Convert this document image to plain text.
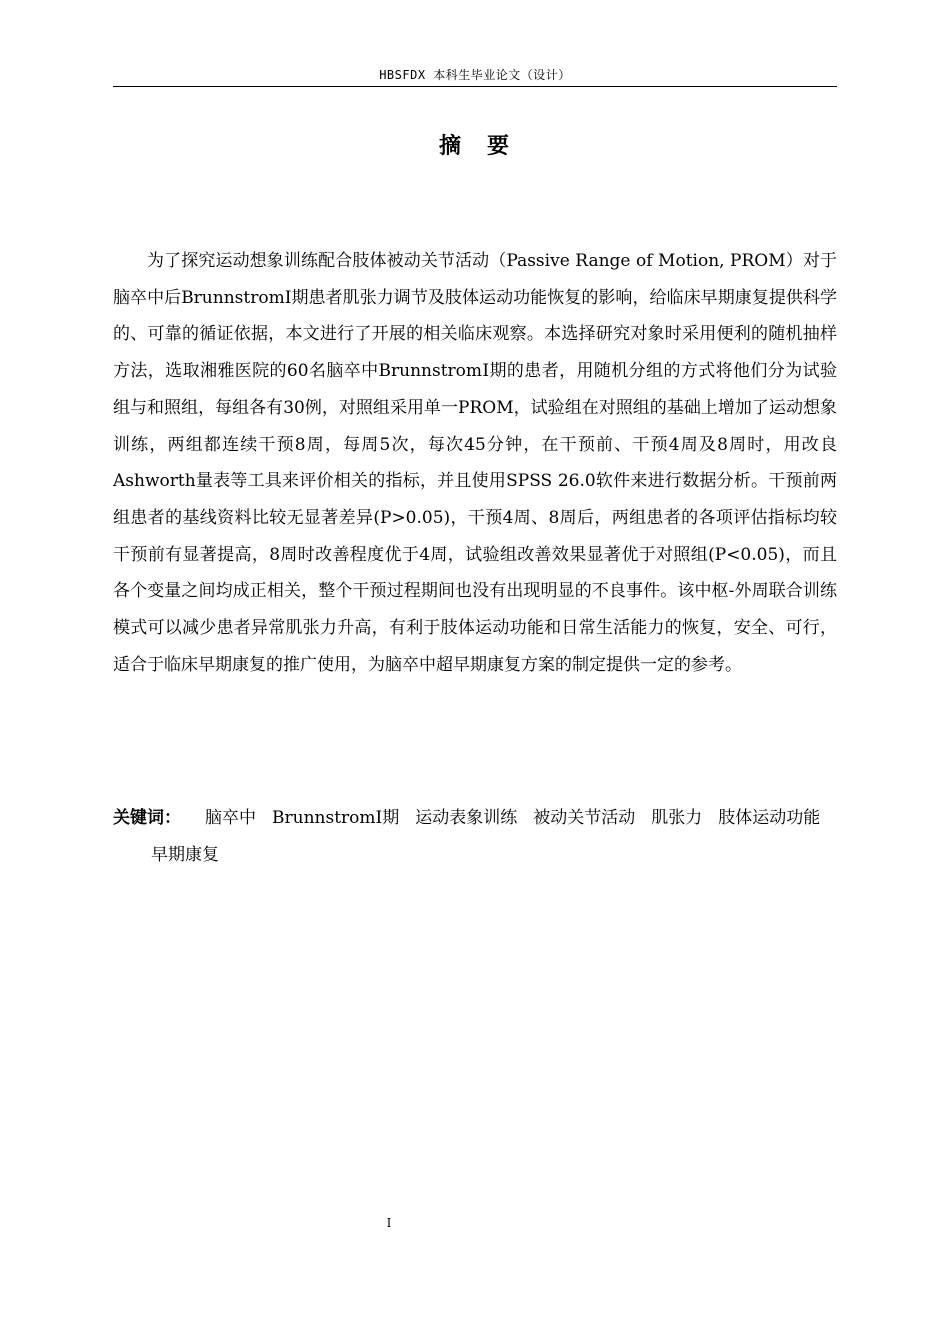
HBSFDX 本科生毕业论文（设计）
摘　要

为了探究运动想象训练配合肢体被动关节活动（Passive Range of Motion, PROM）对于脑卒中后BrunnstromⅠ期患者肌张力调节及肢体运动功能恢复的影响，给临床早期康复提供科学的、可靠的循证依据，本文进行了开展的相关临床观察。本选择研究对象时采用便利的随机抽样方法，选取湘雅医院的60名脑卒中BrunnstromⅠ期的患者，用随机分组的方式将他们分为试验组与和照组，每组各有30例，对照组采用单一PROM，试验组在对照组的基础上增加了运动想象训练，两组都连续干预8周，每周5次，每次45分钟，在干预前、干预4周及8周时，用改良Ashworth量表等工具来评价相关的指标，并且使用SPSS 26.0软件来进行数据分析。干预前两组患者的基线资料比较无显著差异(P>0.05)，干预4周、8周后，两组患者的各项评估指标均较干预前有显著提高，8周时改善程度优于4周，试验组改善效果显著优于对照组(P<0.05)，而且各个变量之间均成正相关，整个干预过程期间也没有出现明显的不良事件。该中枢-外周联合训练模式可以减少患者异常肌张力升高，有利于肢体运动功能和日常生活能力的恢复，安全、可行，适合于临床早期康复的推广使用，为脑卒中超早期康复方案的制定提供一定的参考。

关键词： 脑卒中 BrunnstromⅠ期 运动表象训练 被动关节活动 肌张力 肢体运动功能早期康复

I
